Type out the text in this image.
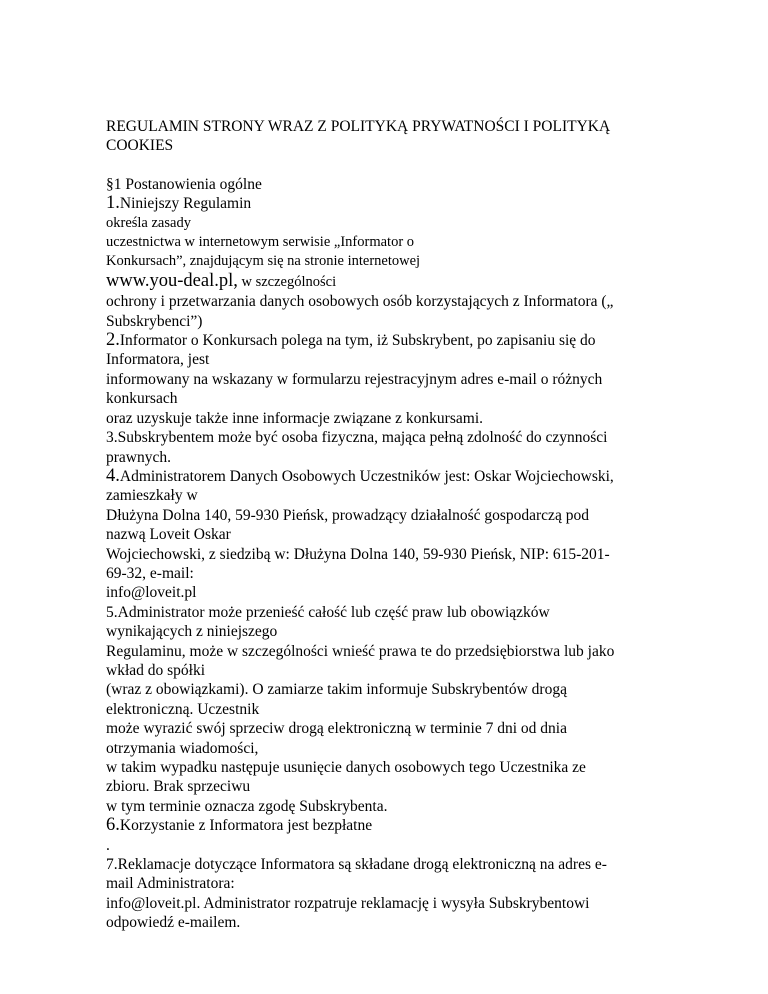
REGULAMIN STRONY WRAZ Z POLITYKĄ PRYWATNOŚCI I POLITYKĄ
COOKIES
§1 Postanowienia ogólne
1.Niniejszy Regulamin
określa zasady
uczestnictwa w internetowym serwisie „Informator o
Konkursach”, znajdującym się na stronie internetowej
www.you-deal.pl, w szczególności
ochrony i przetwarzania danych osobowych osób korzystających z Informatora („
Subskrybenci”)
2.Informator o Konkursach polega na tym, iż Subskrybent, po zapisaniu się do
Informatora, jest
informowany na wskazany w formularzu rejestracyjnym adres e-mail o różnych
konkursach
oraz uzyskuje także inne informacje związane z konkursami.
3.Subskrybentem może być osoba fizyczna, mająca pełną zdolność do czynności
prawnych.
4.Administratorem Danych Osobowych Uczestników jest: Oskar Wojciechowski,
zamieszkały w
Dłużyna Dolna 140, 59-930 Pieńsk, prowadzący działalność gospodarczą pod
nazwą Loveit Oskar
Wojciechowski, z siedzibą w: Dłużyna Dolna 140, 59-930 Pieńsk, NIP: 615-201-
69-32, e-mail:
info@loveit.pl
5.Administrator może przenieść całość lub część praw lub obowiązków
wynikających z niniejszego
Regulaminu, może w szczególności wnieść prawa te do przedsiębiorstwa lub jako
wkład do spółki
(wraz z obowiązkami). O zamiarze takim informuje Subskrybentów drogą
elektroniczną. Uczestnik
może wyrazić swój sprzeciw drogą elektroniczną w terminie 7 dni od dnia
otrzymania wiadomości,
w takim wypadku następuje usunięcie danych osobowych tego Uczestnika ze
zbioru. Brak sprzeciwu
w tym terminie oznacza zgodę Subskrybenta.
6.Korzystanie z Informatora jest bezpłatne
.
7.Reklamacje dotyczące Informatora są składane drogą elektroniczną na adres e-
mail Administratora:
info@loveit.pl. Administrator rozpatruje reklamację i wysyła Subskrybentowi
odpowiedź e-mailem.
